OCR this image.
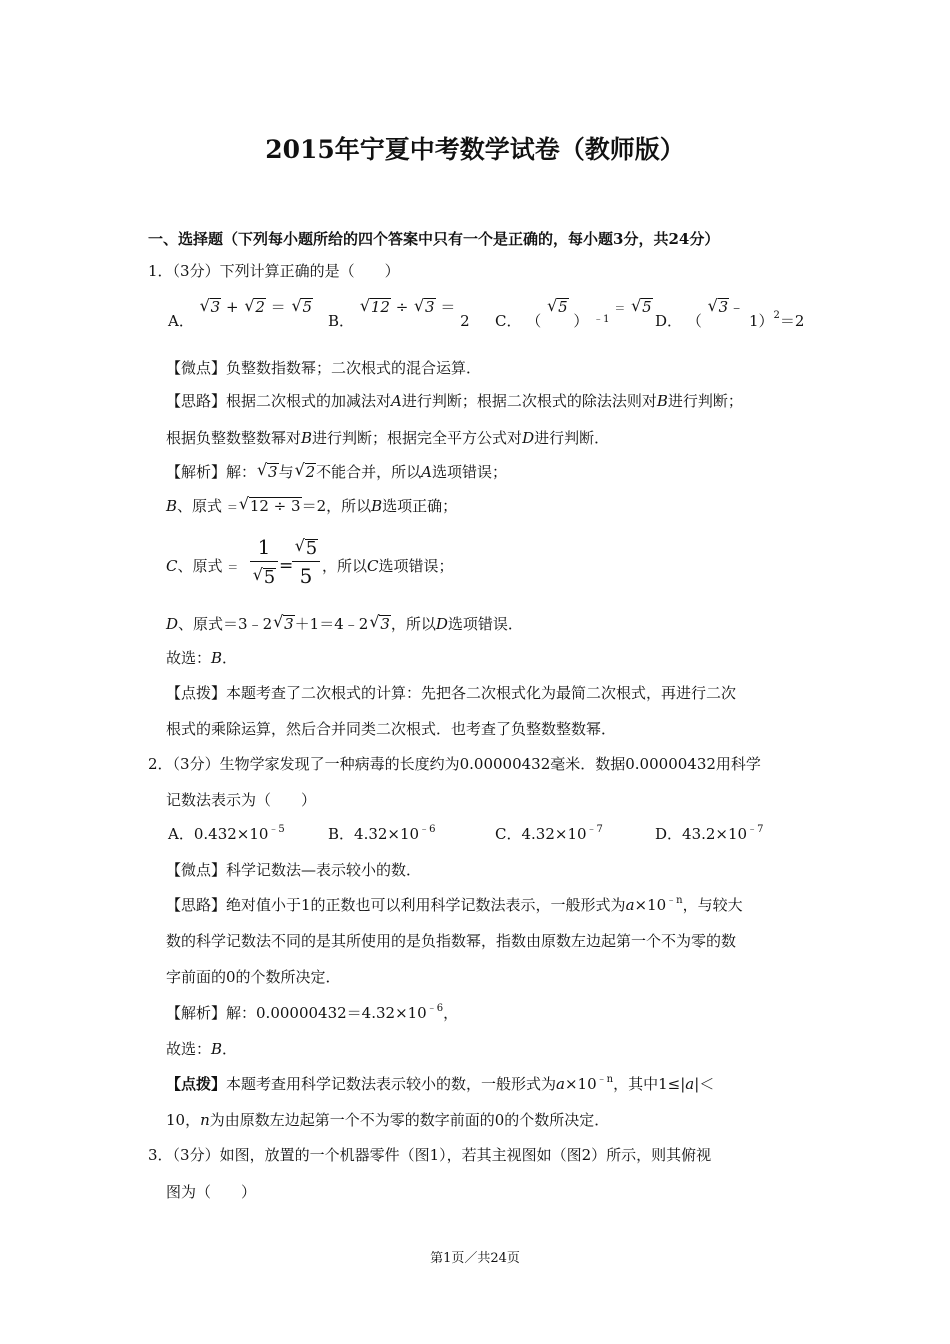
2015年宁夏中考数学试卷（教师版）
一、选择题（下列每小题所给的四个答案中只有一个是正确的，每小题3分，共24分）
1．（3分）下列计算正确的是（　　）
A． √ 3 + √ 2 ＝ √ 5
B． √ 12 ÷ √ 3 ＝ 2 C． （ √ 5 ） $_{﹣1}$ ＝ √ 5
D． （ √ 3﹣ $1)_2=2$
【微点】负整数指数幂；二次根式的混合运算．
【思路】根据二次根式的加减法对A进行判断；根据二次根式的除法法则对B进行判断；
根据负整数整数幂对B进行判断；根据完全平方公式对D进行判断．
【解析】解： √ 3与 √ 2不能合并，所以A选项错误；
B、原式 ＝ √ 12 ÷ 3＝2，所以B选项正确；
C、原式 ＝
1
√ 5
=
√ 5
5 ，所以C选项错误；
D、原式＝3﹣2 √ 3＋1＝4﹣2 √ 3，所以D选项错误．
故选：B．
【点拨】本题考查了二次根式的计算：先把各二次根式化为最简二次根式，再进行二次
根式的乘除运算，然后合并同类二次根式．也考查了负整数整数幂．
2．（3分）生物学家发现了一种病毒的长度约为0.00000432毫米．数据0.00000432用科学
记数法表示为（　　）
A．$0.432\times 10^{﹣5}$	B．$4.32\times 10^{﹣6}$	C．$4.32\times 10^{﹣7}$	D．$43.2\times 10^{﹣7}$
【微点】科学记数法—表示较小的数．
【思路】绝对值小于1的正数也可以利用科学记数法表示，一般形式为$a\times 10^{﹣n}$，与较大
数的科学记数法不同的是其所使用的是负指数幂，指数由原数左边起第一个不为零的数
字前面的0的个数所决定．
【解析】解：$0.00000432=4.32\times 10^{﹣6}$，
故选：B．
【点拨】本题考查用科学记数法表示较小的数，一般形式为$a\times 10^{﹣n}$，其中1≤|a|＜
10，n为由原数左边起第一个不为零的数字前面的0的个数所决定．
3．（3分）如图，放置的一个机器零件（图1），若其主视图如（图2）所示，则其俯视
图为（　　）
第1页／共24页
